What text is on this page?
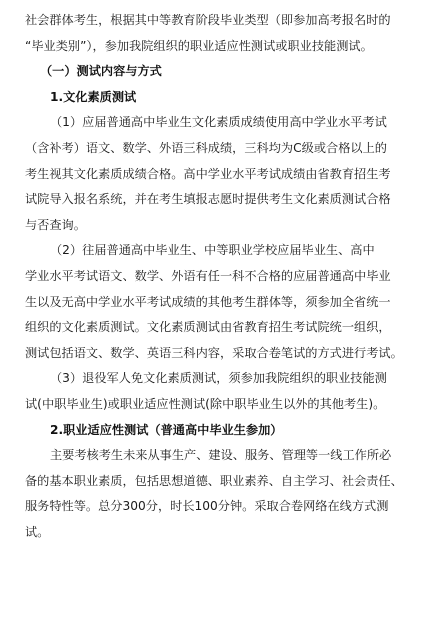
社会群体考生，根据其中等教育阶段毕业类型（即参加高考报名时的
“毕业类别”），参加我院组织的职业适应性测试或职业技能测试。
（一）测试内容与方式
1.文化素质测试
（1）应届普通高中毕业生文化素质成绩使用高中学业水平考试
（含补考）语文、数学、外语三科成绩，三科均为C级或合格以上的
考生视其文化素质成绩合格。高中学业水平考试成绩由省教育招生考
试院导入报名系统，并在考生填报志愿时提供考生文化素质测试合格
与否查询。
（2）往届普通高中毕业生、中等职业学校应届毕业生、高中
学业水平考试语文、数学、外语有任一科不合格的应届普通高中毕业
生以及无高中学业水平考试成绩的其他考生群体等，须参加全省统一
组织的文化素质测试。文化素质测试由省教育招生考试院统一组织，
测试包括语文、数学、英语三科内容，采取合卷笔试的方式进行考试。
（3）退役军人免文化素质测试，须参加我院组织的职业技能测
试(中职毕业生)或职业适应性测试(除中职毕业生以外的其他考生)。
2.职业适应性测试（普通高中毕业生参加）
主要考核考生未来从事生产、建设、服务、管理等一线工作所必
备的基本职业素质，包括思想道德、职业素养、自主学习、社会责任、
服务特性等。总分300分，时长100分钟。采取合卷网络在线方式测
试。
